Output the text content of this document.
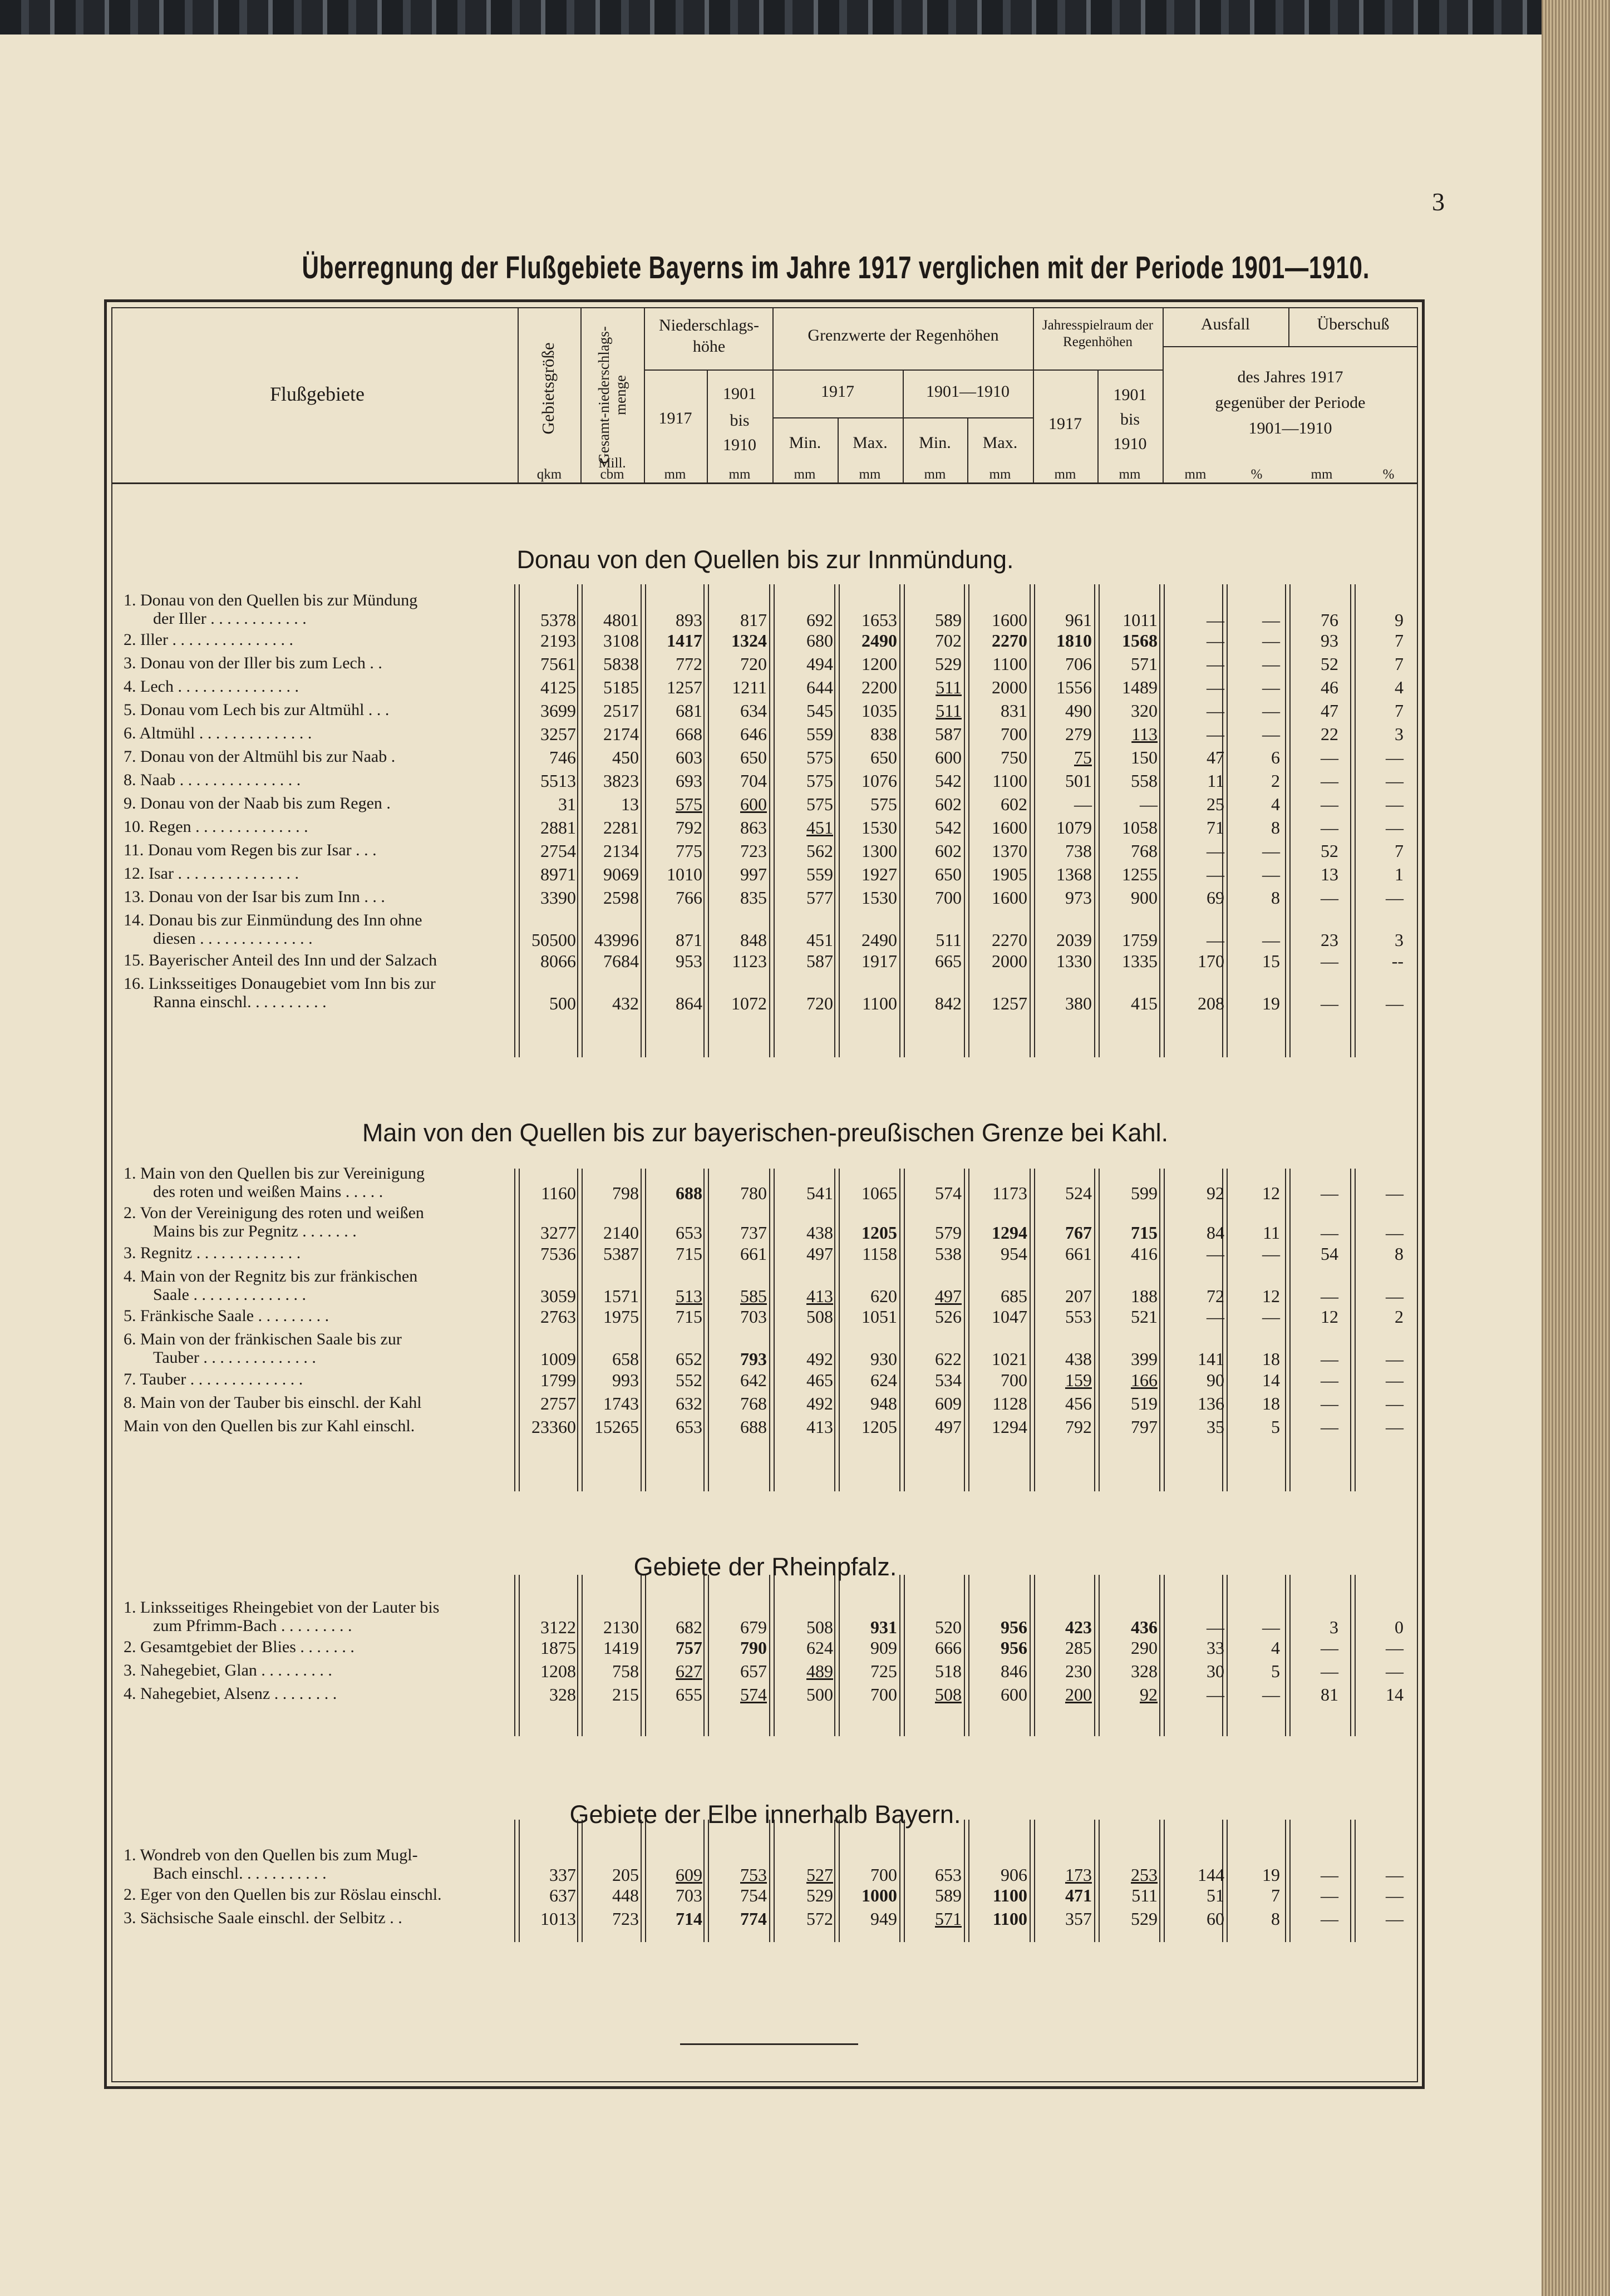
3
Überregnung der Flußgebiete Bayerns im Jahre 1917 verglichen mit der Periode 1901—1910.
Flußgebiete	Gebietsgröße	Gesamt-niederschlags-menge
Mill.
Niederschlags-höhe
Grenzwerte der Regenhöhen
Jahresspielraum der Regenhöhen
Ausfall	Überschuß
1917
1901
bis
1910
1917	1901—1910
Min.	Max.	Min.	Max.
1917
1901
bis
1910
des Jahres 1917
gegenüber der Periode
1901—1910
qkm	cbm	mm	mm	mm	mm	mm	mm	mm	mm	mm	%	mm	%
Donau von den Quellen bis zur Innmündung.
1. Donau von den Quellen bis zur Mündung
der Iller . . . . . . . . . . . .	5378	4801	893	817	692	1653	589	1600	961	1011	—	—	76	9
2. Iller . . . . . . . . . . . . . . .	2193	3108	1417	1324	680	2490	702	2270	1810	1568	—	—	93	7
3. Donau von der Iller bis zum Lech . .	7561	5838	772	720	494	1200	529	1100	706	571	—	—	52	7
4. Lech . . . . . . . . . . . . . . .	4125	5185	1257	1211	644	2200	511	2000	1556	1489	—	—	46	4
5. Donau vom Lech bis zur Altmühl . . .	3699	2517	681	634	545	1035	511	831	490	320	—	—	47	7
6. Altmühl . . . . . . . . . . . . . .	3257	2174	668	646	559	838	587	700	279	113	—	—	22	3
7. Donau von der Altmühl bis zur Naab .	746	450	603	650	575	650	600	750	75	150	47	6	—	—
8. Naab . . . . . . . . . . . . . . .	5513	3823	693	704	575	1076	542	1100	501	558	11	2	—	—
9. Donau von der Naab bis zum Regen .	31	13	575	600	575	575	602	602	—	—	25	4	—	—
10. Regen . . . . . . . . . . . . . .	2881	2281	792	863	451	1530	542	1600	1079	1058	71	8	—	—
11. Donau vom Regen bis zur Isar . . .	2754	2134	775	723	562	1300	602	1370	738	768	—	—	52	7
12. Isar . . . . . . . . . . . . . . .	8971	9069	1010	997	559	1927	650	1905	1368	1255	—	—	13	1
13. Donau von der Isar bis zum Inn . . .	3390	2598	766	835	577	1530	700	1600	973	900	69	8	—	—
14. Donau bis zur Einmündung des Inn ohne
diesen . . . . . . . . . . . . . .	50500	43996	871	848	451	2490	511	2270	2039	1759	—	—	23	3
15. Bayerischer Anteil des Inn und der Salzach	8066	7684	953	1123	587	1917	665	2000	1330	1335	170	15	—	--
16. Linksseitiges Donaugebiet vom Inn bis zur
Ranna einschl. . . . . . . . . .	500	432	864	1072	720	1100	842	1257	380	415	208	19	—	—
Main von den Quellen bis zur bayerischen-preußischen Grenze bei Kahl.
1. Main von den Quellen bis zur Vereinigung
des roten und weißen Mains . . . . .	1160	798	688	780	541	1065	574	1173	524	599	92	12	—	—
2. Von der Vereinigung des roten und weißen
Mains bis zur Pegnitz . . . . . . .	3277	2140	653	737	438	1205	579	1294	767	715	84	11	—	—
3. Regnitz . . . . . . . . . . . . .	7536	5387	715	661	497	1158	538	954	661	416	—	—	54	8
4. Main von der Regnitz bis zur fränkischen
Saale . . . . . . . . . . . . . .	3059	1571	513	585	413	620	497	685	207	188	72	12	—	—
5. Fränkische Saale . . . . . . . . .	2763	1975	715	703	508	1051	526	1047	553	521	—	—	12	2
6. Main von der fränkischen Saale bis zur
Tauber . . . . . . . . . . . . . .	1009	658	652	793	492	930	622	1021	438	399	141	18	—	—
7. Tauber . . . . . . . . . . . . . .	1799	993	552	642	465	624	534	700	159	166	90	14	—	—
8. Main von der Tauber bis einschl. der Kahl	2757	1743	632	768	492	948	609	1128	456	519	136	18	—	—
Main von den Quellen bis zur Kahl einschl.	23360	15265	653	688	413	1205	497	1294	792	797	35	5	—	—
Gebiete der Rheinpfalz.
1. Linksseitiges Rheingebiet von der Lauter bis
zum Pfrimm-Bach . . . . . . . . .	3122	2130	682	679	508	931	520	956	423	436	—	—	3	0
2. Gesamtgebiet der Blies . . . . . . .	1875	1419	757	790	624	909	666	956	285	290	33	4	—	—
3. Nahegebiet, Glan . . . . . . . . .	1208	758	627	657	489	725	518	846	230	328	30	5	—	—
4. Nahegebiet, Alsenz . . . . . . . .	328	215	655	574	500	700	508	600	200	92	—	—	81	14
Gebiete der Elbe innerhalb Bayern.
1. Wondreb von den Quellen bis zum Mugl-
Bach einschl. . . . . . . . . . .	337	205	609	753	527	700	653	906	173	253	144	19	—	—
2. Eger von den Quellen bis zur Röslau einschl.	637	448	703	754	529	1000	589	1100	471	511	51	7	—	—
3. Sächsische Saale einschl. der Selbitz . .	1013	723	714	774	572	949	571	1100	357	529	60	8	—	—
